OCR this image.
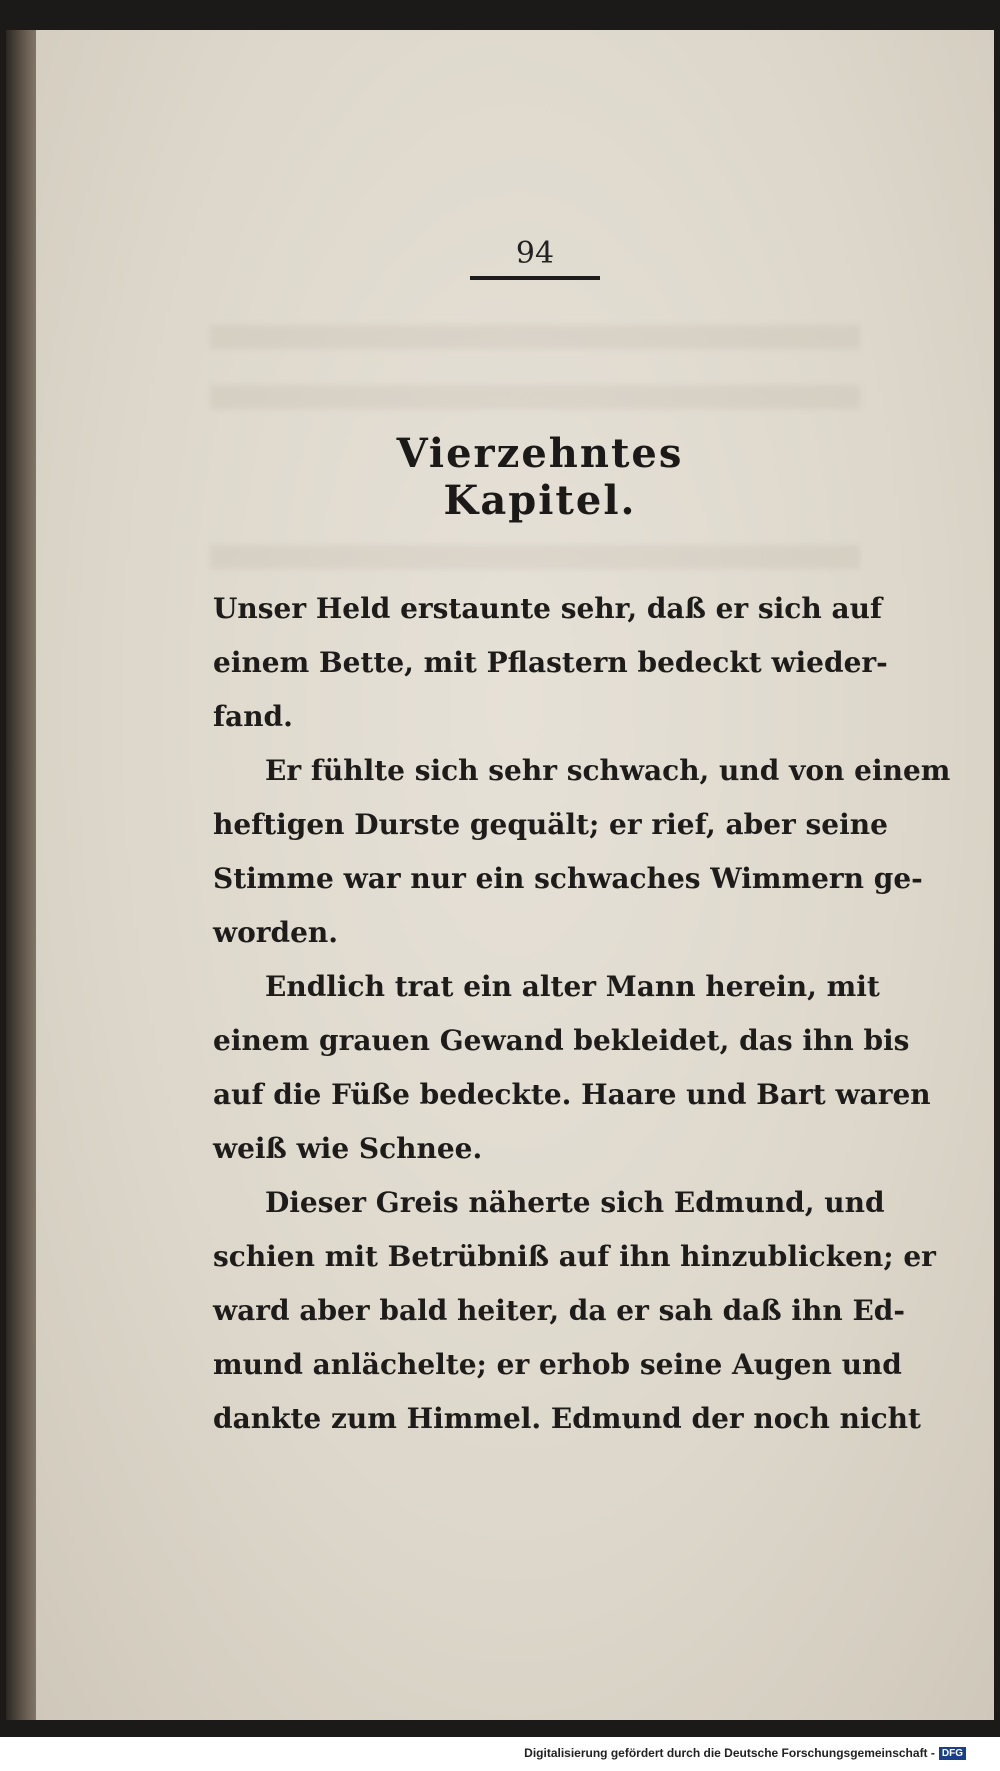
94
Vierzehntes Kapitel.
Unser Held erstaunte sehr, daß er sich auf
einem Bette, mit Pflastern bedeckt wieder-
fand.
Er fühlte sich sehr schwach, und von einem
heftigen Durste gequält; er rief, aber seine
Stimme war nur ein schwaches Wimmern ge-
worden.
Endlich trat ein alter Mann herein, mit
einem grauen Gewand bekleidet, das ihn bis
auf die Füße bedeckte. Haare und Bart waren
weiß wie Schnee.
Dieser Greis näherte sich Edmund, und
schien mit Betrübniß auf ihn hinzublicken; er
ward aber bald heiter, da er sah daß ihn Ed-
mund anlächelte; er erhob seine Augen und
dankte zum Himmel. Edmund der noch nicht
Digitalisierung gefördert durch die Deutsche Forschungsgemeinschaft - DFG
